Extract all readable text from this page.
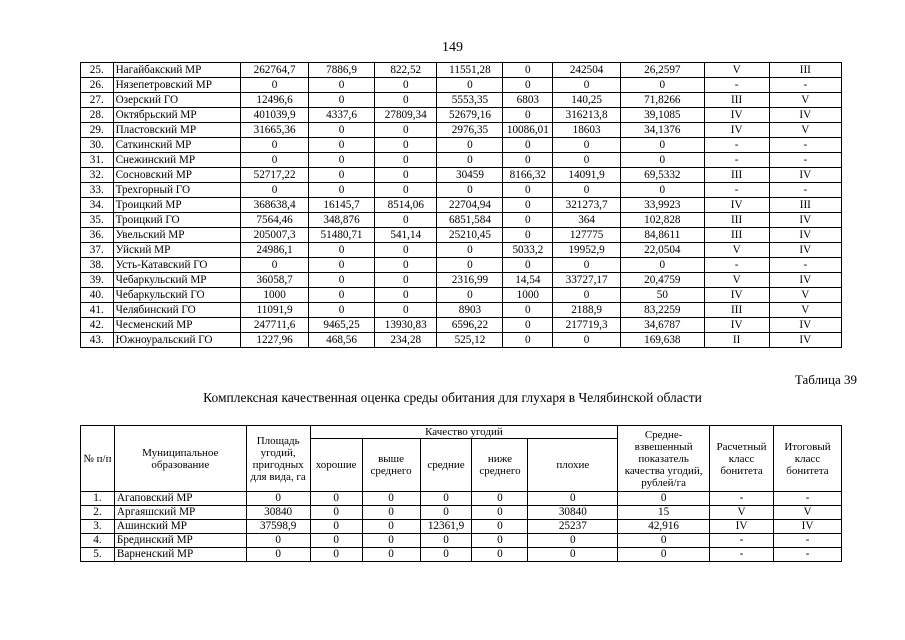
149
25.	Нагайбакский МР	262764,7	7886,9	822,52	11551,28	0	242504	26,2597	V	III
26.	Нязепетровский МР	0	0	0	0	0	0	0	-	-
27.	Озерский ГО	12496,6	0	0	5553,35	6803	140,25	71,8266	III	V
28.	Октябрьский МР	401039,9	4337,6	27809,34	52679,16	0	316213,8	39,1085	IV	IV
29.	Пластовский МР	31665,36	0	0	2976,35	10086,01	18603	34,1376	IV	V
30.	Саткинский МР	0	0	0	0	0	0	0	-	-
31.	Снежинский МР	0	0	0	0	0	0	0	-	-
32.	Сосновский МР	52717,22	0	0	30459	8166,32	14091,9	69,5332	III	IV
33.	Трехгорный ГО	0	0	0	0	0	0	0	-	-
34.	Троицкий МР	368638,4	16145,7	8514,06	22704,94	0	321273,7	33,9923	IV	III
35.	Троицкий ГО	7564,46	348,876	0	6851,584	0	364	102,828	III	IV
36.	Увельский МР	205007,3	51480,71	541,14	25210,45	0	127775	84,8611	III	IV
37.	Уйский МР	24986,1	0	0	0	5033,2	19952,9	22,0504	V	IV
38.	Усть-Катавский ГО	0	0	0	0	0	0	0	-	-
39.	Чебаркульский МР	36058,7	0	0	2316,99	14,54	33727,17	20,4759	V	IV
40.	Чебаркульский ГО	1000	0	0	0	1000	0	50	IV	V
41.	Челябинский ГО	11091,9	0	0	8903	0	2188,9	83,2259	III	V
42.	Чесменский МР	247711,6	9465,25	13930,83	6596,22	0	217719,3	34,6787	IV	IV
43.	Южноуральский ГО	1227,96	468,56	234,28	525,12	0	0	169,638	II	IV
Таблица 39
Комплексная качественная оценка среды обитания для глухаря в Челябинской области
№ п/п	Муниципальное образование	Площадь угодий, пригодных для вида, га	Качество угодий					Средне-взвешенный показатель качества угодий, рублей/га	Расчетный класс бонитета	Итоговый класс бонитета
			хорошие	выше среднего	средние	ниже среднего	плохие			
1.	Агаповский МР	0	0	0	0	0	0	0	-	-
2.	Аргаяшский МР	30840	0	0	0	0	30840	15	V	V
3.	Ашинский МР	37598,9	0	0	12361,9	0	25237	42,916	IV	IV
4.	Брединский МР	0	0	0	0	0	0	0	-	-
5.	Варненский МР	0	0	0	0	0	0	0	-	-
